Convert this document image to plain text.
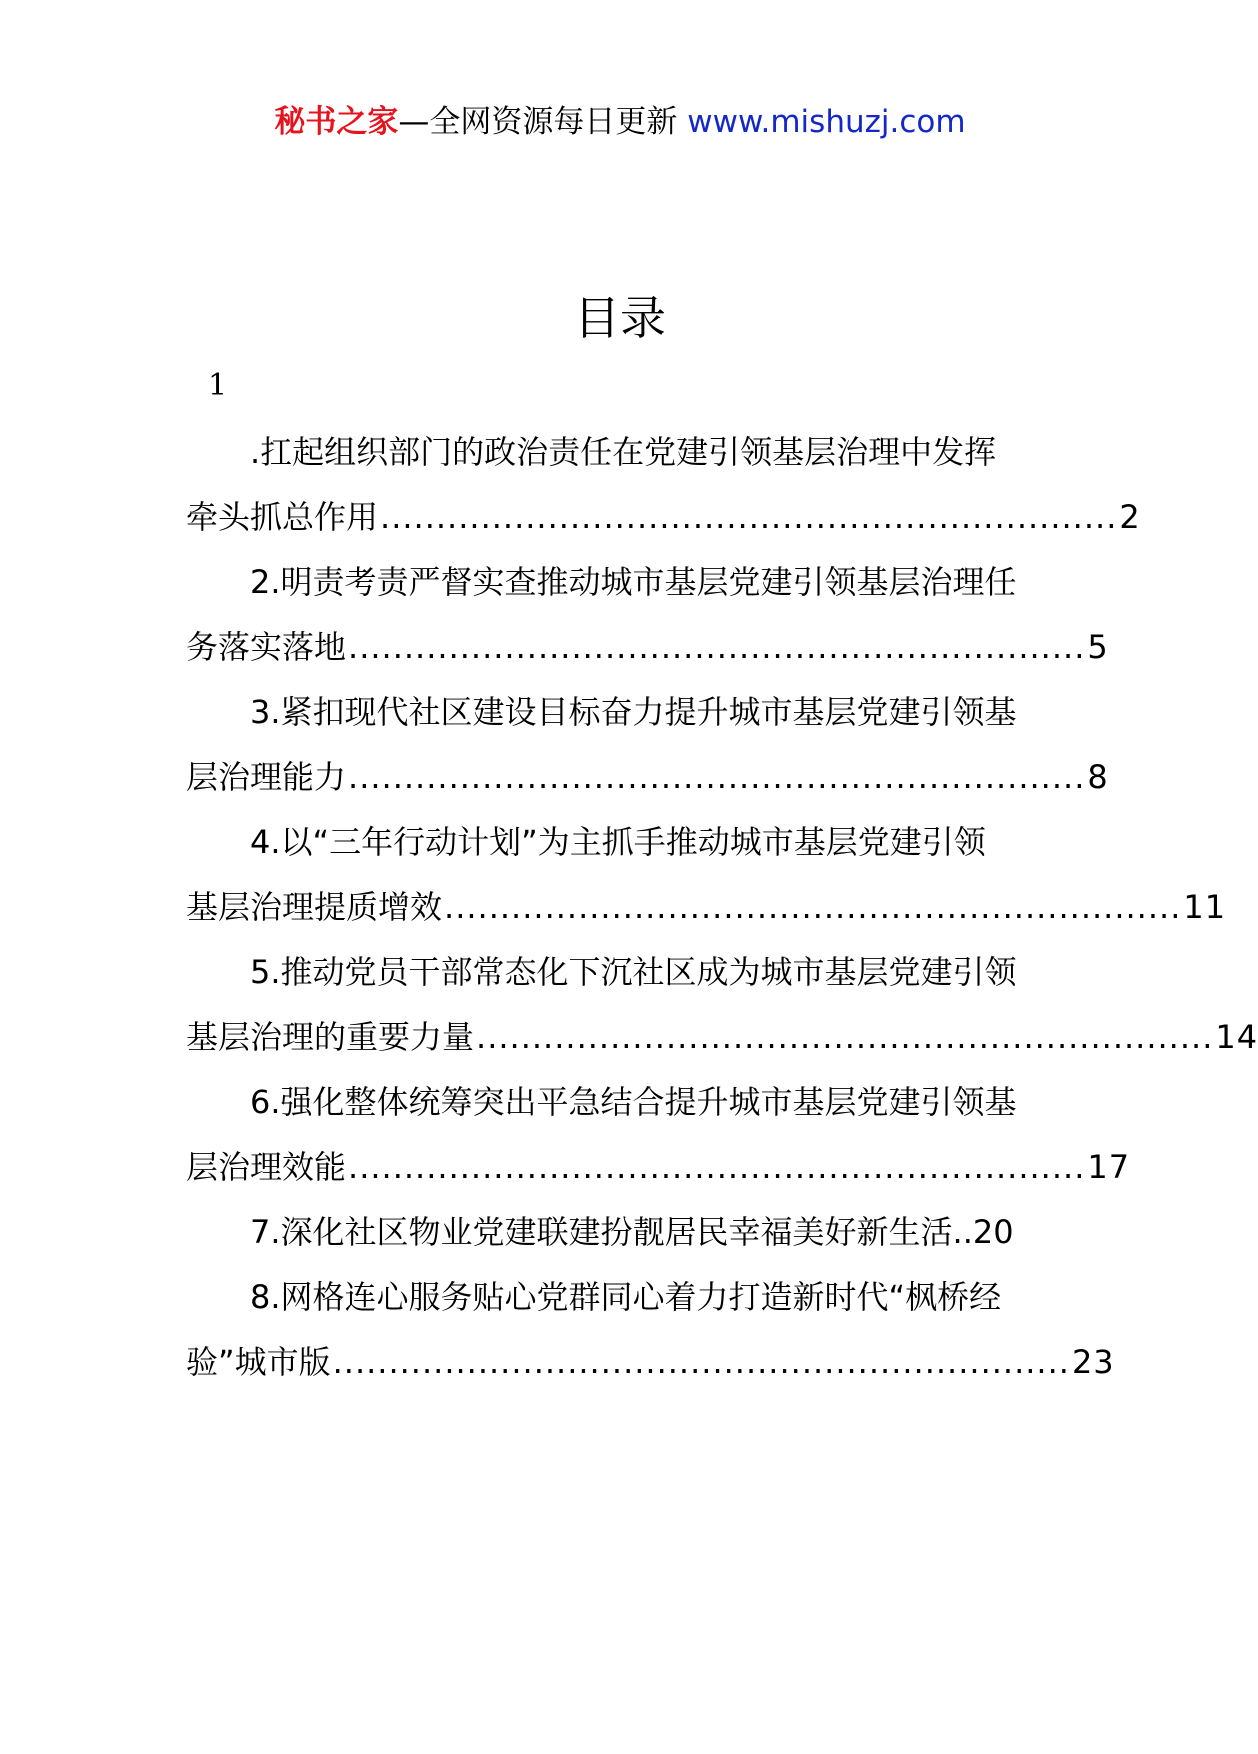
秘书之家—全网资源每日更新 www.mishuzj.com
目录
1
.扛起组织部门的政治责任在党建引领基层治理中发挥
牵头抓总作用 .................................................................. 2
2.明责考责严督实查推动城市基层党建引领基层治理任
务落实落地 .................................................................. 5
3.紧扣现代社区建设目标奋力提升城市基层党建引领基
层治理能力 .................................................................. 8
4.以“三年行动计划”为主抓手推动城市基层党建引领
基层治理提质增效 .................................................................. 11
5.推动党员干部常态化下沉社区成为城市基层党建引领
基层治理的重要力量 .................................................................. 14
6.强化整体统筹突出平急结合提升城市基层党建引领基
层治理效能 .................................................................. 17
7.深化社区物业党建联建扮靓居民幸福美好新生活..20
8.网格连心服务贴心党群同心着力打造新时代“枫桥经
验”城市版 .................................................................. 23
